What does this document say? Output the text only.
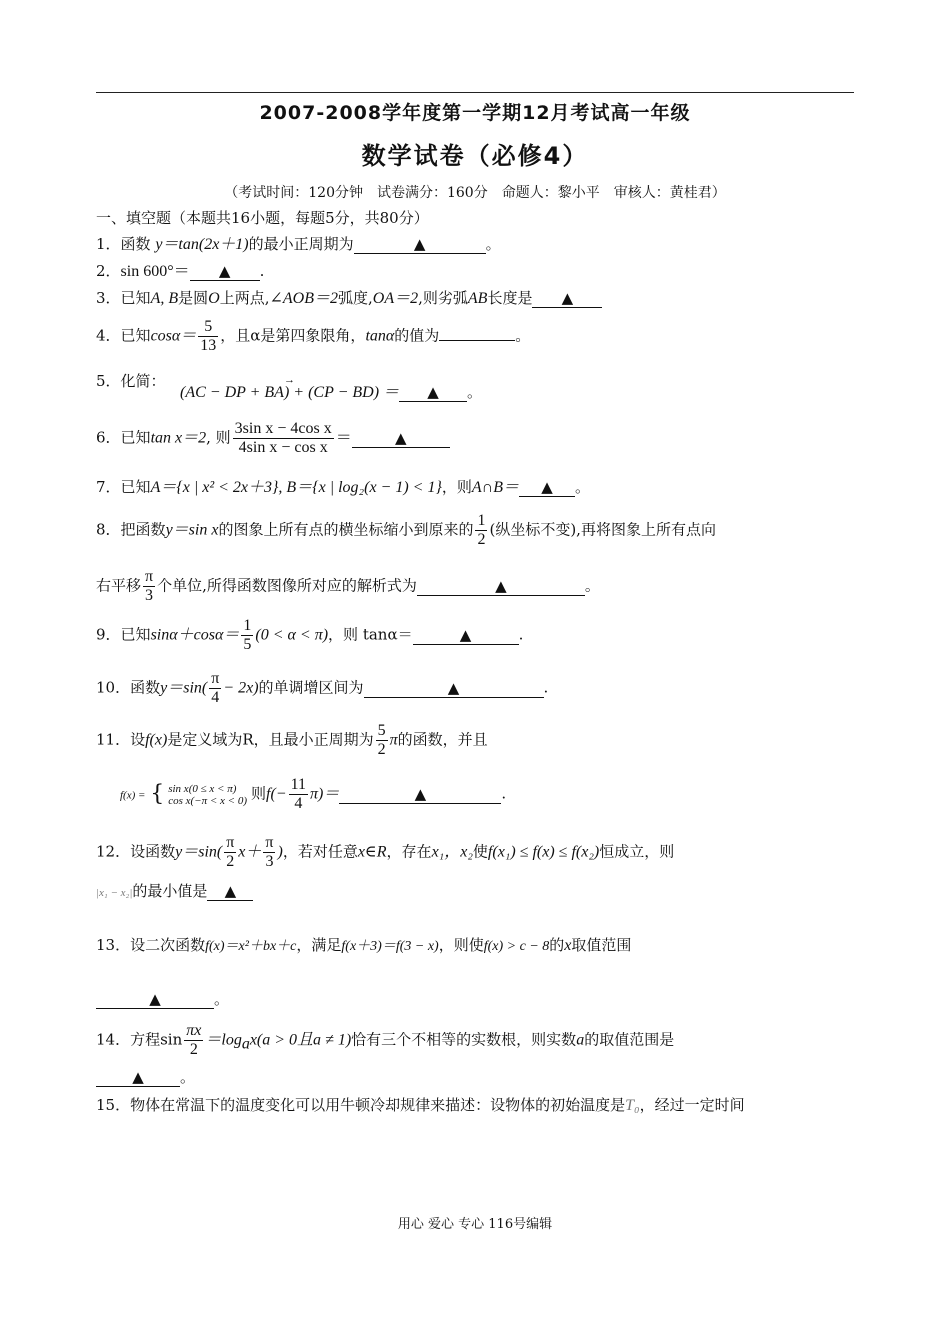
2007-2008学年度第一学期12月考试高一年级
数学试卷（必修4）
（考试时间：120分钟　试卷满分：160分　命题人：黎小平　审核人：黄桂君）
一、填空题（本题共16小题，每题5分，共80分）
1．函数 y＝tan(2x＋1)的最小正周期为	▲	。
2．sin 600°＝ ▲ .
3．已知A, B是圆O上两点,∠AOB＝2弧度,OA＝2,则劣弧AB长度是 ▲
4．已知$\cos\alpha= \frac{5}{13}$ ，且α是第四象限角，tanα的值为	。
5．化简：
→ (AC − DP + BA) + (CP − BD) ＝ ▲ 。
6．已知tan x＝2, 则 $\frac{\text{3sin x − 4cos x}}{\text{4sin x − cos x}}$ ＝	▲
7．已知A＝{x | x² < 2x＋3}, B＝{x | log₂(x − 1) < 1}，则A∩B＝ ▲ 。
8．把函数y＝sin x的图象上所有点的横坐标缩小到原来的 $\frac{1}{2}$ (纵坐标不变),再将图象上所有点向
右平移 $\frac{\pi}{3}$ 个单位,所得函数图像所对应的解析式为	▲	。
9．已知$\sin\alpha+\cos\alpha= \frac{1}{5} (0 < \alpha < \pi)$，则 tanα＝	▲	.
10．函数$y=\sin( \frac{\pi}{4} - 2x)$的单调增区间为	▲	.
11．设f(x)是定义域为R，且最小正周期为 $\frac{5}{2}$ π的函数，并且
f(x) = { sin x(0 ≤ x < π)
cos x(−π < x < 0) 则$f(- \frac{11}{4} \pi)=$	▲	.
12．设函数$y=\sin( \frac{\pi}{2} x+ \frac{\pi}{3}$ )，若对任意x∈R，存在x₁，x₂使f(x₁) ≤ f(x) ≤ f(x₂)恒成立，则
|x₁ − x₂|的最小值是 ▲
13．设二次函数f(x)＝x²＋bx＋c，满足f(x＋3)＝f(3 − x)，则使f(x) > c − 8的x取值范围
▲	。
14．方程$\sin \frac{\pi x}{2} =\log_ax(a > 0$且a ≠ 1)恰有三个不相等的实数根，则实数a的取值范围是
▲ 。
15．物体在常温下的温度变化可以用牛顿冷却规律来描述：设物体的初始温度是T₀，经过一定时间
用心 爱心 专心 116号编辑
